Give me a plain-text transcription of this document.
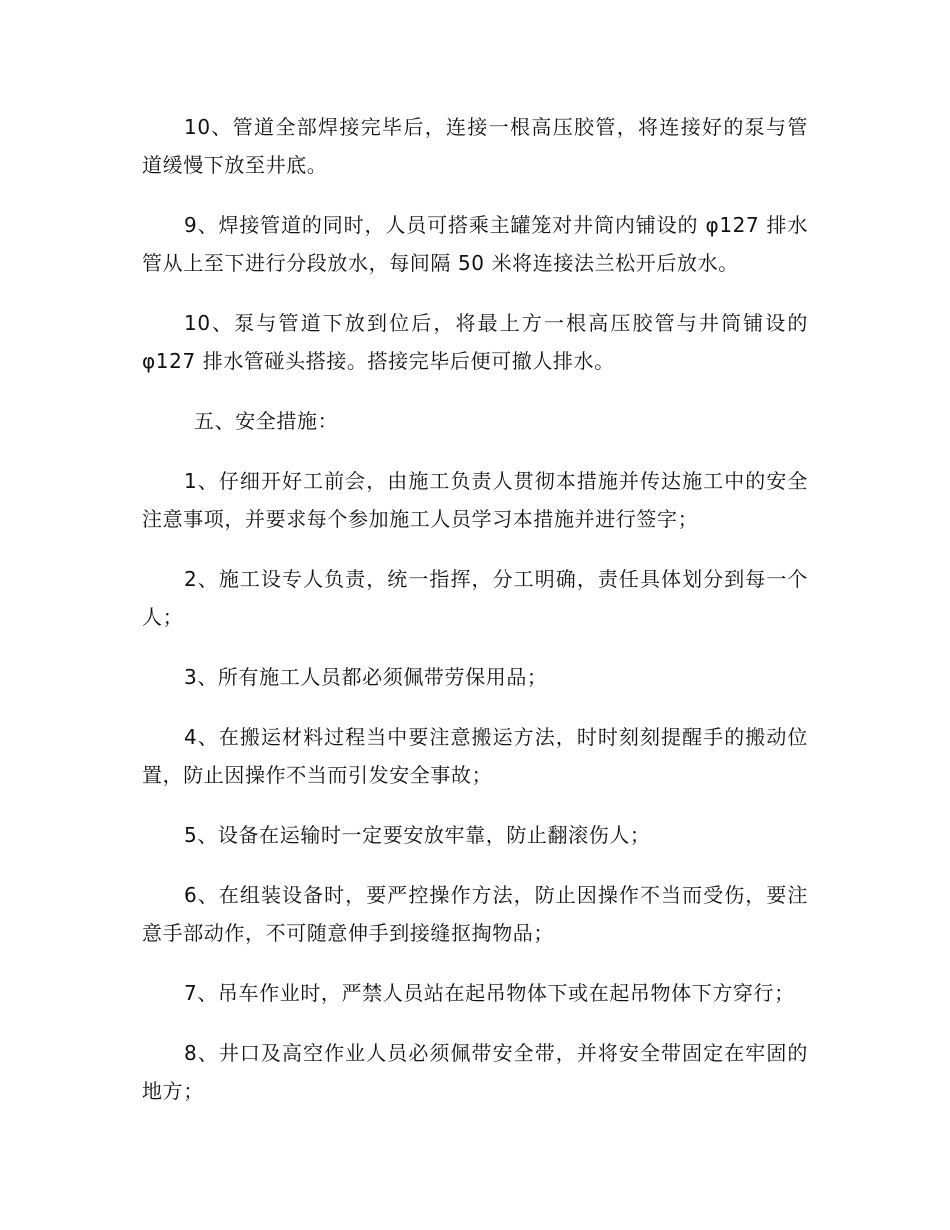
10、管道全部焊接完毕后，连接一根高压胶管，将连接好的泵与管道缓慢下放至井底。

9、焊接管道的同时，人员可搭乘主罐笼对井筒内铺设的 φ127 排水管从上至下进行分段放水，每间隔 50 米将连接法兰松开后放水。

10、泵与管道下放到位后，将最上方一根高压胶管与井筒铺设的 φ127 排水管碰头搭接。搭接完毕后便可撤人排水。

五、安全措施：

1、仔细开好工前会，由施工负责人贯彻本措施并传达施工中的安全注意事项，并要求每个参加施工人员学习本措施并进行签字；

2、施工设专人负责，统一指挥，分工明确，责任具体划分到每一个人；

3、所有施工人员都必须佩带劳保用品；

4、在搬运材料过程当中要注意搬运方法，时时刻刻提醒手的搬动位置，防止因操作不当而引发安全事故；

5、设备在运输时一定要安放牢靠，防止翻滚伤人；

6、在组装设备时，要严控操作方法，防止因操作不当而受伤，要注意手部动作，不可随意伸手到接缝抠掏物品；

7、吊车作业时，严禁人员站在起吊物体下或在起吊物体下方穿行；

8、井口及高空作业人员必须佩带安全带，并将安全带固定在牢固的地方；
